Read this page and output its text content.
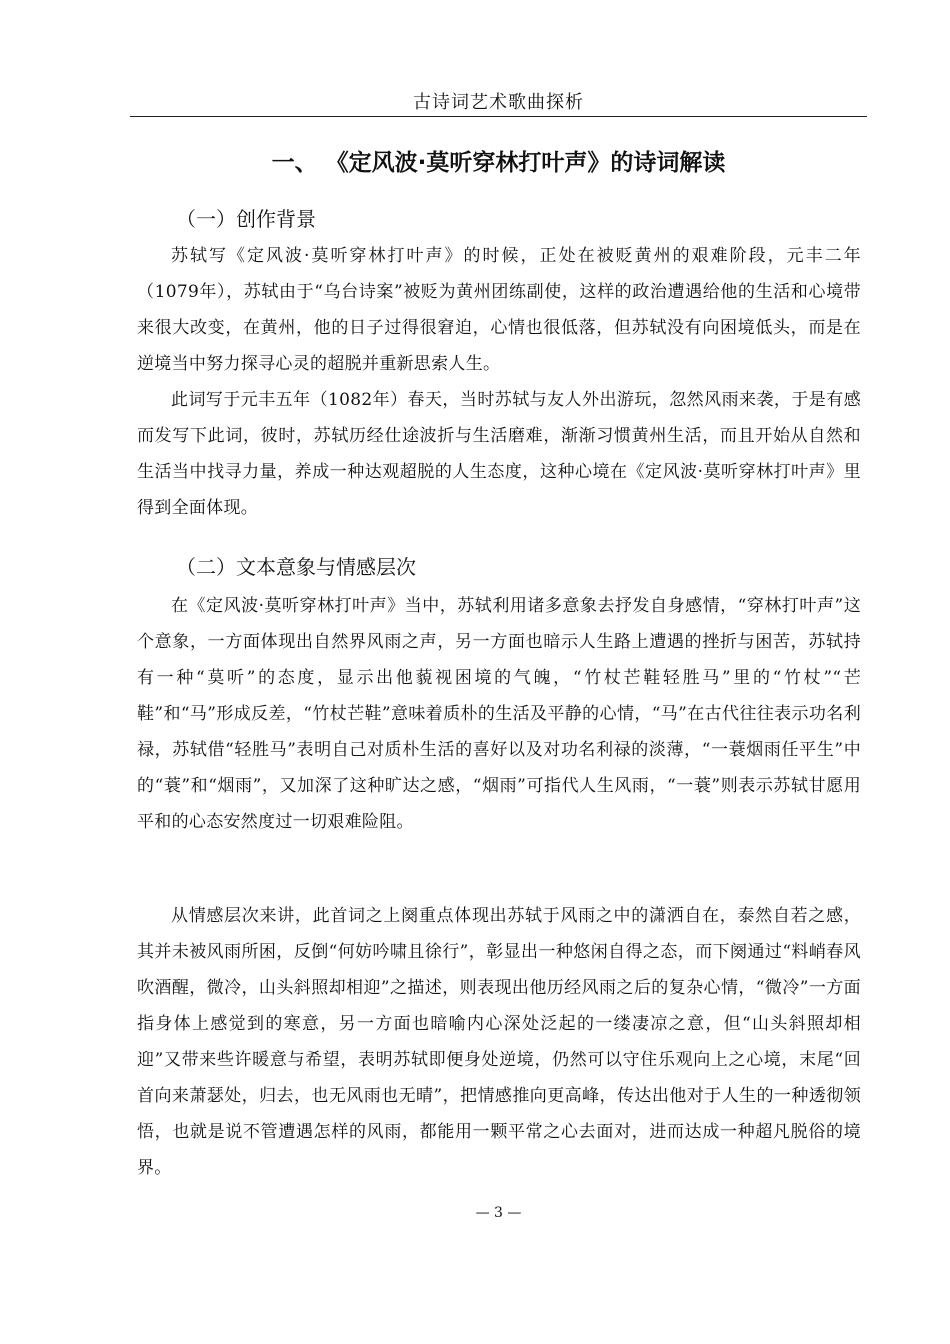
古诗词艺术歌曲探析
一、 《定风波·莫听穿林打叶声》的诗词解读
（一）创作背景

苏轼写《定风波·莫听穿林打叶声》的时候，正处在被贬黄州的艰难阶段，元丰二年（1079年），苏轼由于“乌台诗案”被贬为黄州团练副使，这样的政治遭遇给他的生活和心境带来很大改变，在黄州，他的日子过得很窘迫，心情也很低落，但苏轼没有向困境低头，而是在逆境当中努力探寻心灵的超脱并重新思索人生。

此词写于元丰五年（1082年）春天，当时苏轼与友人外出游玩，忽然风雨来袭，于是有感而发写下此词，彼时，苏轼历经仕途波折与生活磨难，渐渐习惯黄州生活，而且开始从自然和生活当中找寻力量，养成一种达观超脱的人生态度，这种心境在《定风波·莫听穿林打叶声》里得到全面体现。

（二）文本意象与情感层次

在《定风波·莫听穿林打叶声》当中，苏轼利用诸多意象去抒发自身感情，“穿林打叶声”这个意象，一方面体现出自然界风雨之声，另一方面也暗示人生路上遭遇的挫折与困苦，苏轼持有一种“莫听”的态度，显示出他藐视困境的气魄，“竹杖芒鞋轻胜马”里的“竹杖”“芒鞋”和“马”形成反差，“竹杖芒鞋”意味着质朴的生活及平静的心情，“马”在古代往往表示功名利禄，苏轼借“轻胜马”表明自己对质朴生活的喜好以及对功名利禄的淡薄，“一蓑烟雨任平生”中的“蓑”和“烟雨”，又加深了这种旷达之感，“烟雨”可指代人生风雨，“一蓑”则表示苏轼甘愿用平和的心态安然度过一切艰难险阻。

从情感层次来讲，此首词之上阕重点体现出苏轼于风雨之中的潇洒自在，泰然自若之感，其并未被风雨所困，反倒“何妨吟啸且徐行”，彰显出一种悠闲自得之态，而下阕通过“料峭春风吹酒醒，微冷，山头斜照却相迎”之描述，则表现出他历经风雨之后的复杂心情，“微冷”一方面指身体上感觉到的寒意，另一方面也暗喻内心深处泛起的一缕凄凉之意，但“山头斜照却相迎”又带来些许暖意与希望，表明苏轼即便身处逆境，仍然可以守住乐观向上之心境，末尾“回首向来萧瑟处，归去，也无风雨也无晴”，把情感推向更高峰，传达出他对于人生的一种透彻领悟，也就是说不管遭遇怎样的风雨，都能用一颗平常之心去面对，进而达成一种超凡脱俗的境界。

— 3 —
